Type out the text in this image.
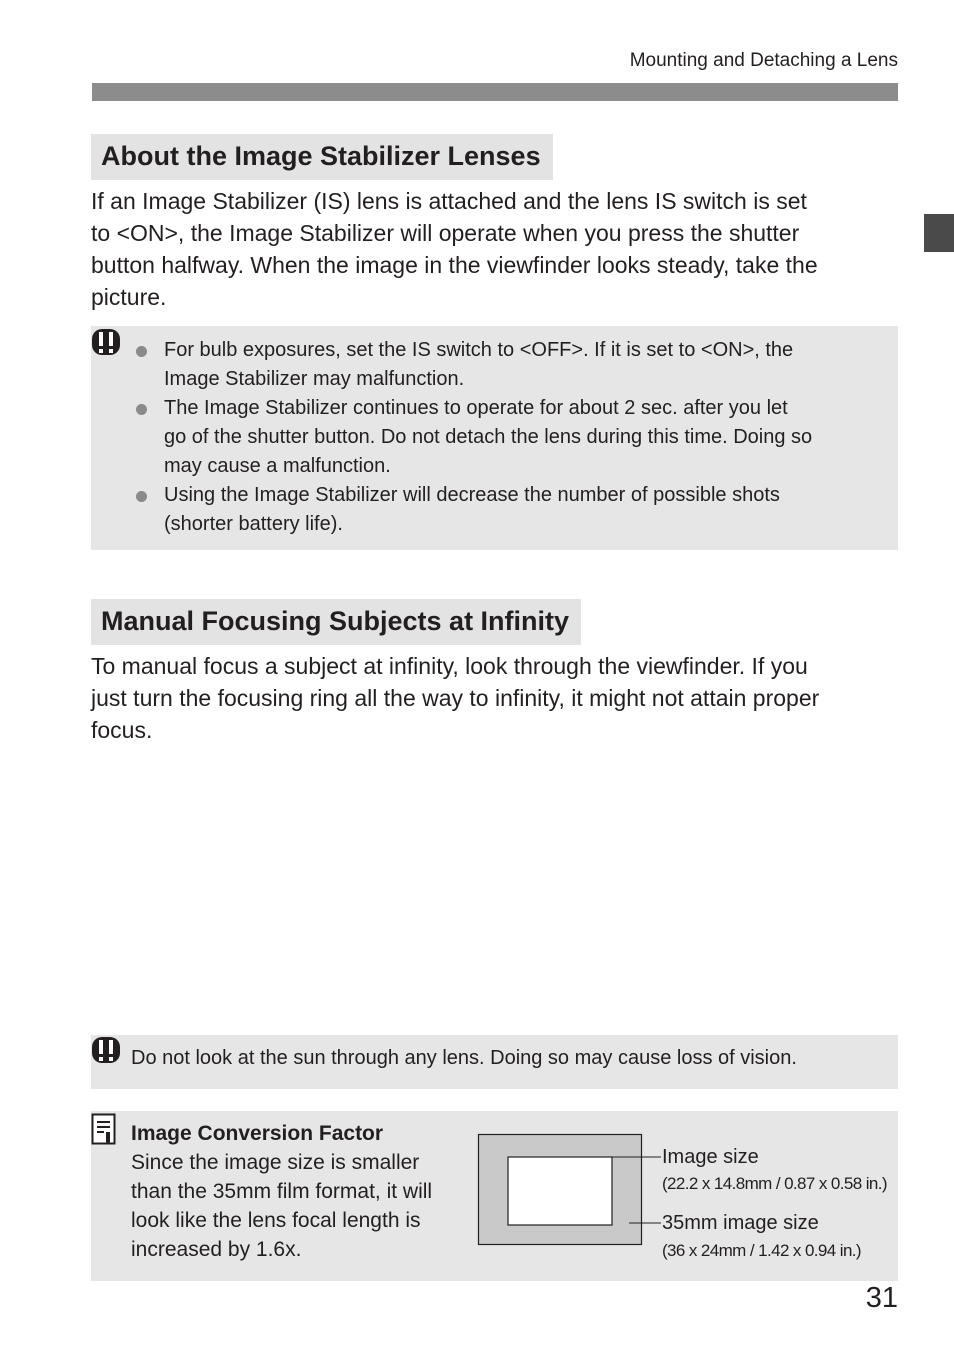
Mounting and Detaching a Lens
About the Image Stabilizer Lenses
If an Image Stabilizer (IS) lens is attached and the lens IS switch is set
to <ON>, the Image Stabilizer will operate when you press the shutter
button halfway. When the image in the viewfinder looks steady, take the
picture.
For bulb exposures, set the IS switch to <OFF>. If it is set to <ON>, the
Image Stabilizer may malfunction.
The Image Stabilizer continues to operate for about 2 sec. after you let
go of the shutter button. Do not detach the lens during this time. Doing so
may cause a malfunction.
Using the Image Stabilizer will decrease the number of possible shots
(shorter battery life).
Manual Focusing Subjects at Infinity
To manual focus a subject at infinity, look through the viewfinder. If you
just turn the focusing ring all the way to infinity, it might not attain proper
focus.
Do not look at the sun through any lens. Doing so may cause loss of vision.
Image Conversion Factor
Since the image size is smaller
than the 35mm film format, it will
look like the lens focal length is
increased by 1.6x.
Image size
(22.2 x 14.8mm / 0.87 x 0.58 in.)
35mm image size
(36 x 24mm / 1.42 x 0.94 in.)
31
